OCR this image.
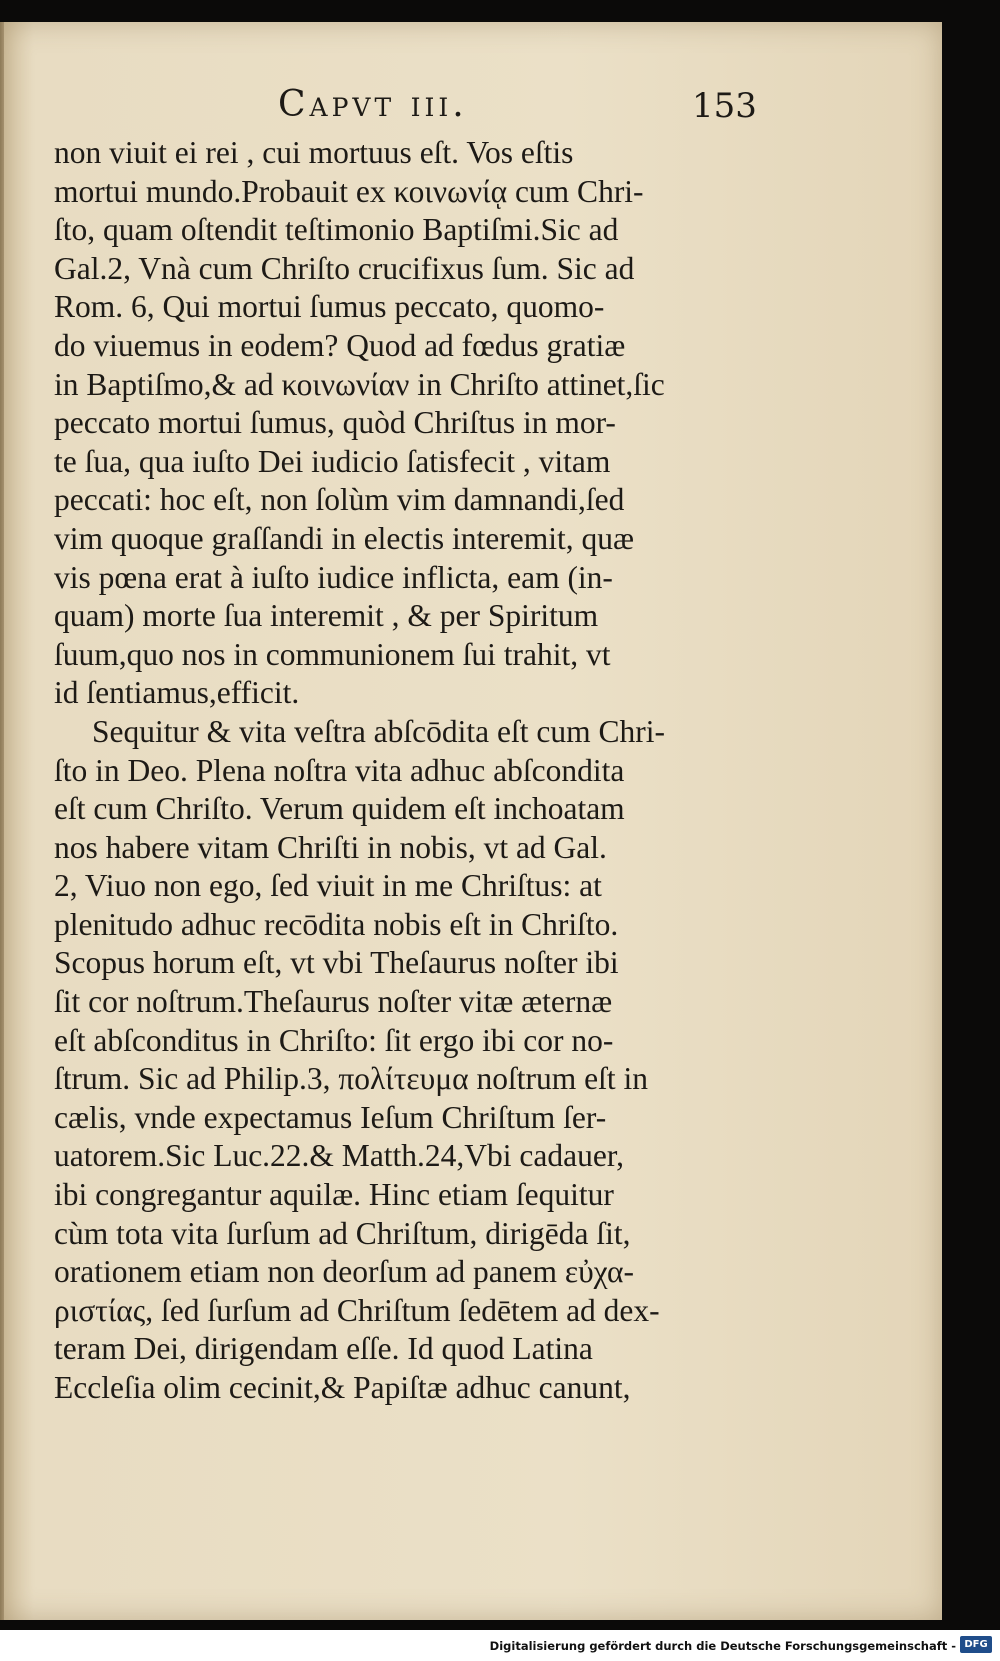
Capvt iii.	153
non viuit ei rei , cui mortuus eſt. Vos eſtis
mortui mundo.Probauit ex κοινωνίᾳ cum Chri-
ſto, quam oſtendit teſtimonio Baptiſmi.Sic ad
Gal.2, Vnà cum Chriſto crucifixus ſum. Sic ad
Rom. 6, Qui mortui ſumus peccato, quomo-
do viuemus in eodem? Quod ad fœdus gratiæ
in Baptiſmo,& ad κοινωνίαν in Chriſto attinet,ſic
peccato mortui ſumus, quòd Chriſtus in mor-
te ſua, qua iuſto Dei iudicio ſatisfecit , vitam
peccati: hoc eſt, non ſolùm vim damnandi,ſed
vim quoque graſſandi in electis interemit, quæ
vis pœna erat à iuſto iudice inflicta, eam (in-
quam) morte ſua interemit , & per Spiritum
ſuum,quo nos in communionem ſui trahit, vt
id ſentiamus,efficit.
Sequitur & vita veſtra abſcōdita eſt cum Chri-
ſto in Deo. Plena noſtra vita adhuc abſcondita
eſt cum Chriſto. Verum quidem eſt inchoatam
nos habere vitam Chriſti in nobis, vt ad Gal.
2, Viuo non ego, ſed viuit in me Chriſtus: at
plenitudo adhuc recōdita nobis eſt in Chriſto.
Scopus horum eſt, vt vbi Theſaurus noſter ibi
ſit cor noſtrum.Theſaurus noſter vitæ æternæ
eſt abſconditus in Chriſto: ſit ergo ibi cor no-
ſtrum. Sic ad Philip.3, πολίτευμα noſtrum eſt in
cælis, vnde expectamus Ieſum Chriſtum ſer-
uatorem.Sic Luc.22.& Matth.24,Vbi cadauer,
ibi congregantur aquilæ. Hinc etiam ſequitur
cùm tota vita ſurſum ad Chriſtum, dirigēda ſit,
orationem etiam non deorſum ad panem εὐχα-
ριστίας, ſed ſurſum ad Chriſtum ſedētem ad dex-
teram Dei, dirigendam eſſe. Id quod Latina
Eccleſia olim cecinit,& Papiſtæ adhuc canunt,
Digitalisierung gefördert durch die Deutsche Forschungsgemeinschaft - DFG
